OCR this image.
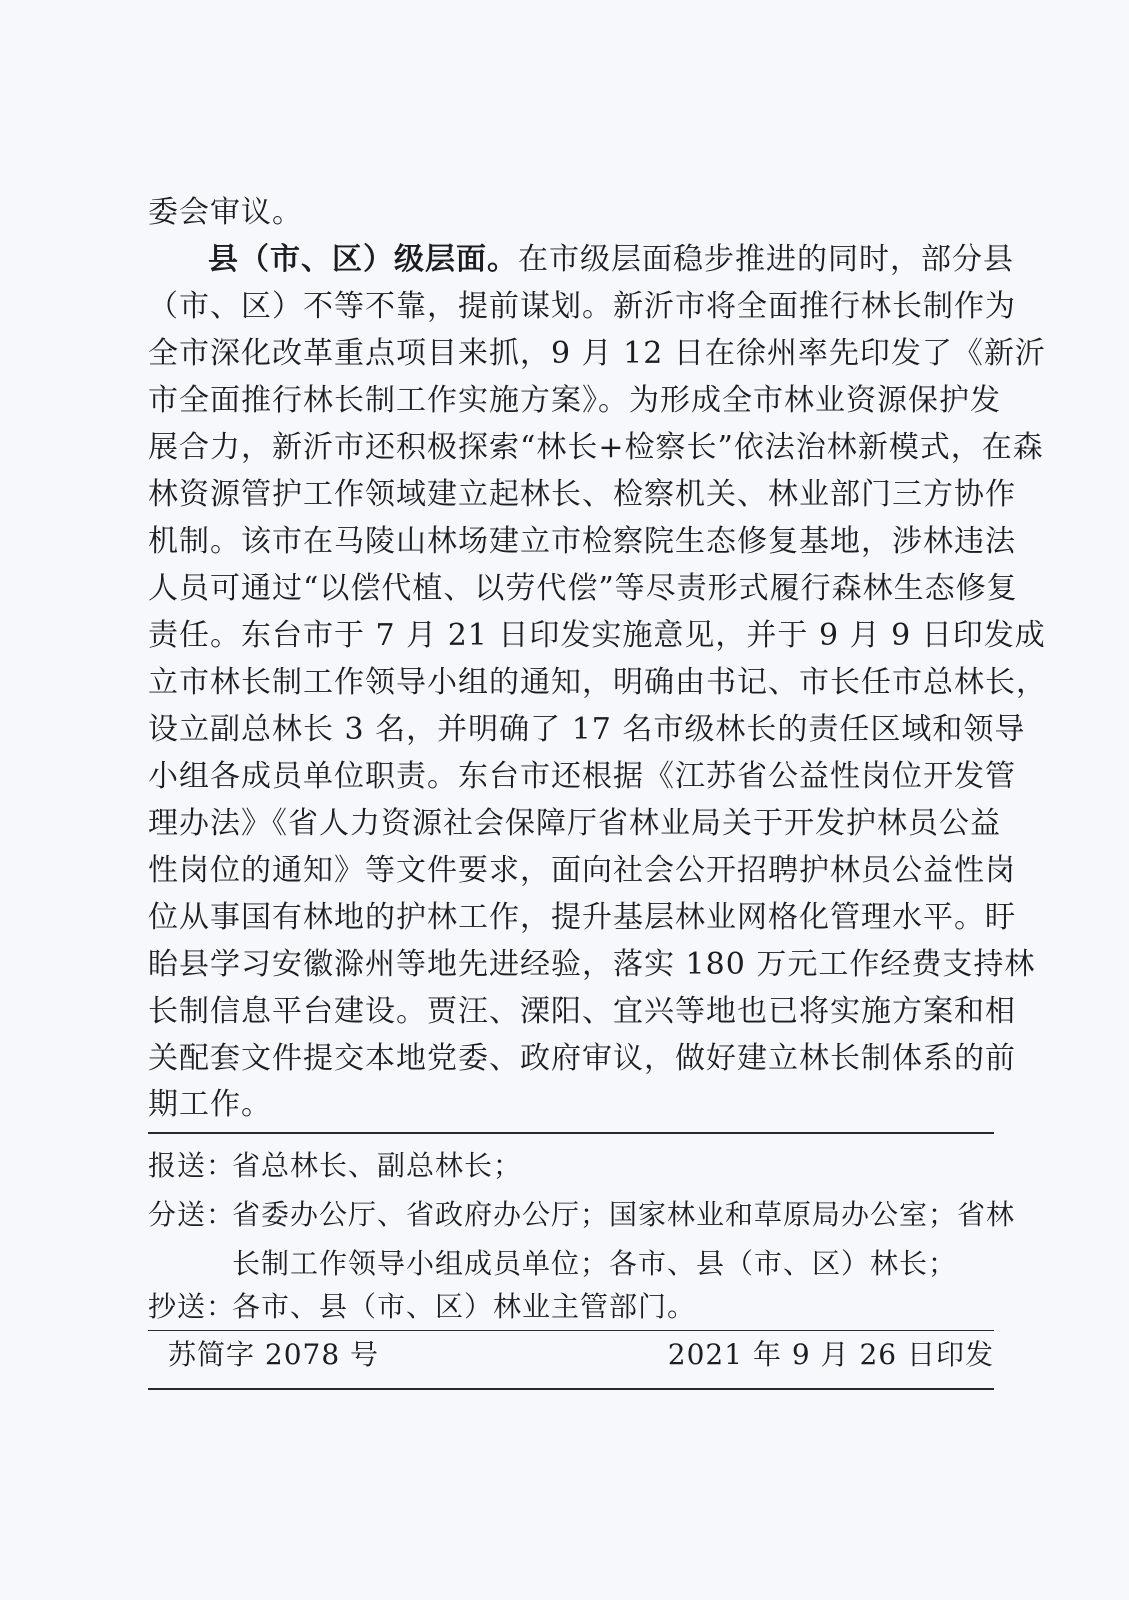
委会审议。
县（市、区）级层面。在市级层面稳步推进的同时，部分县
（市、区）不等不靠，提前谋划。新沂市将全面推行林长制作为
全市深化改革重点项目来抓，9 月 12 日在徐州率先印发了《新沂
市全面推行林长制工作实施方案》。为形成全市林业资源保护发
展合力，新沂市还积极探索“林长+检察长”依法治林新模式，在森
林资源管护工作领域建立起林长、检察机关、林业部门三方协作
机制。该市在马陵山林场建立市检察院生态修复基地，涉林违法
人员可通过“以偿代植、以劳代偿”等尽责形式履行森林生态修复
责任。东台市于 7 月 21 日印发实施意见，并于 9 月 9 日印发成
立市林长制工作领导小组的通知，明确由书记、市长任市总林长，
设立副总林长 3 名，并明确了 17 名市级林长的责任区域和领导
小组各成员单位职责。东台市还根据《江苏省公益性岗位开发管
理办法》《省人力资源社会保障厅省林业局关于开发护林员公益
性岗位的通知》等文件要求，面向社会公开招聘护林员公益性岗
位从事国有林地的护林工作，提升基层林业网格化管理水平。盱
眙县学习安徽滁州等地先进经验，落实 180 万元工作经费支持林
长制信息平台建设。贾汪、溧阳、宜兴等地也已将实施方案和相
关配套文件提交本地党委、政府审议，做好建立林长制体系的前
期工作。
报送：
省总林长、副总林长；
分送：
省委办公厅、省政府办公厅；国家林业和草原局办公室；省林
长制工作领导小组成员单位；各市、县（市、区）林长；
抄送：
各市、县（市、区）林业主管部门。
苏简字 2078 号	2021 年 9 月 26 日印发
